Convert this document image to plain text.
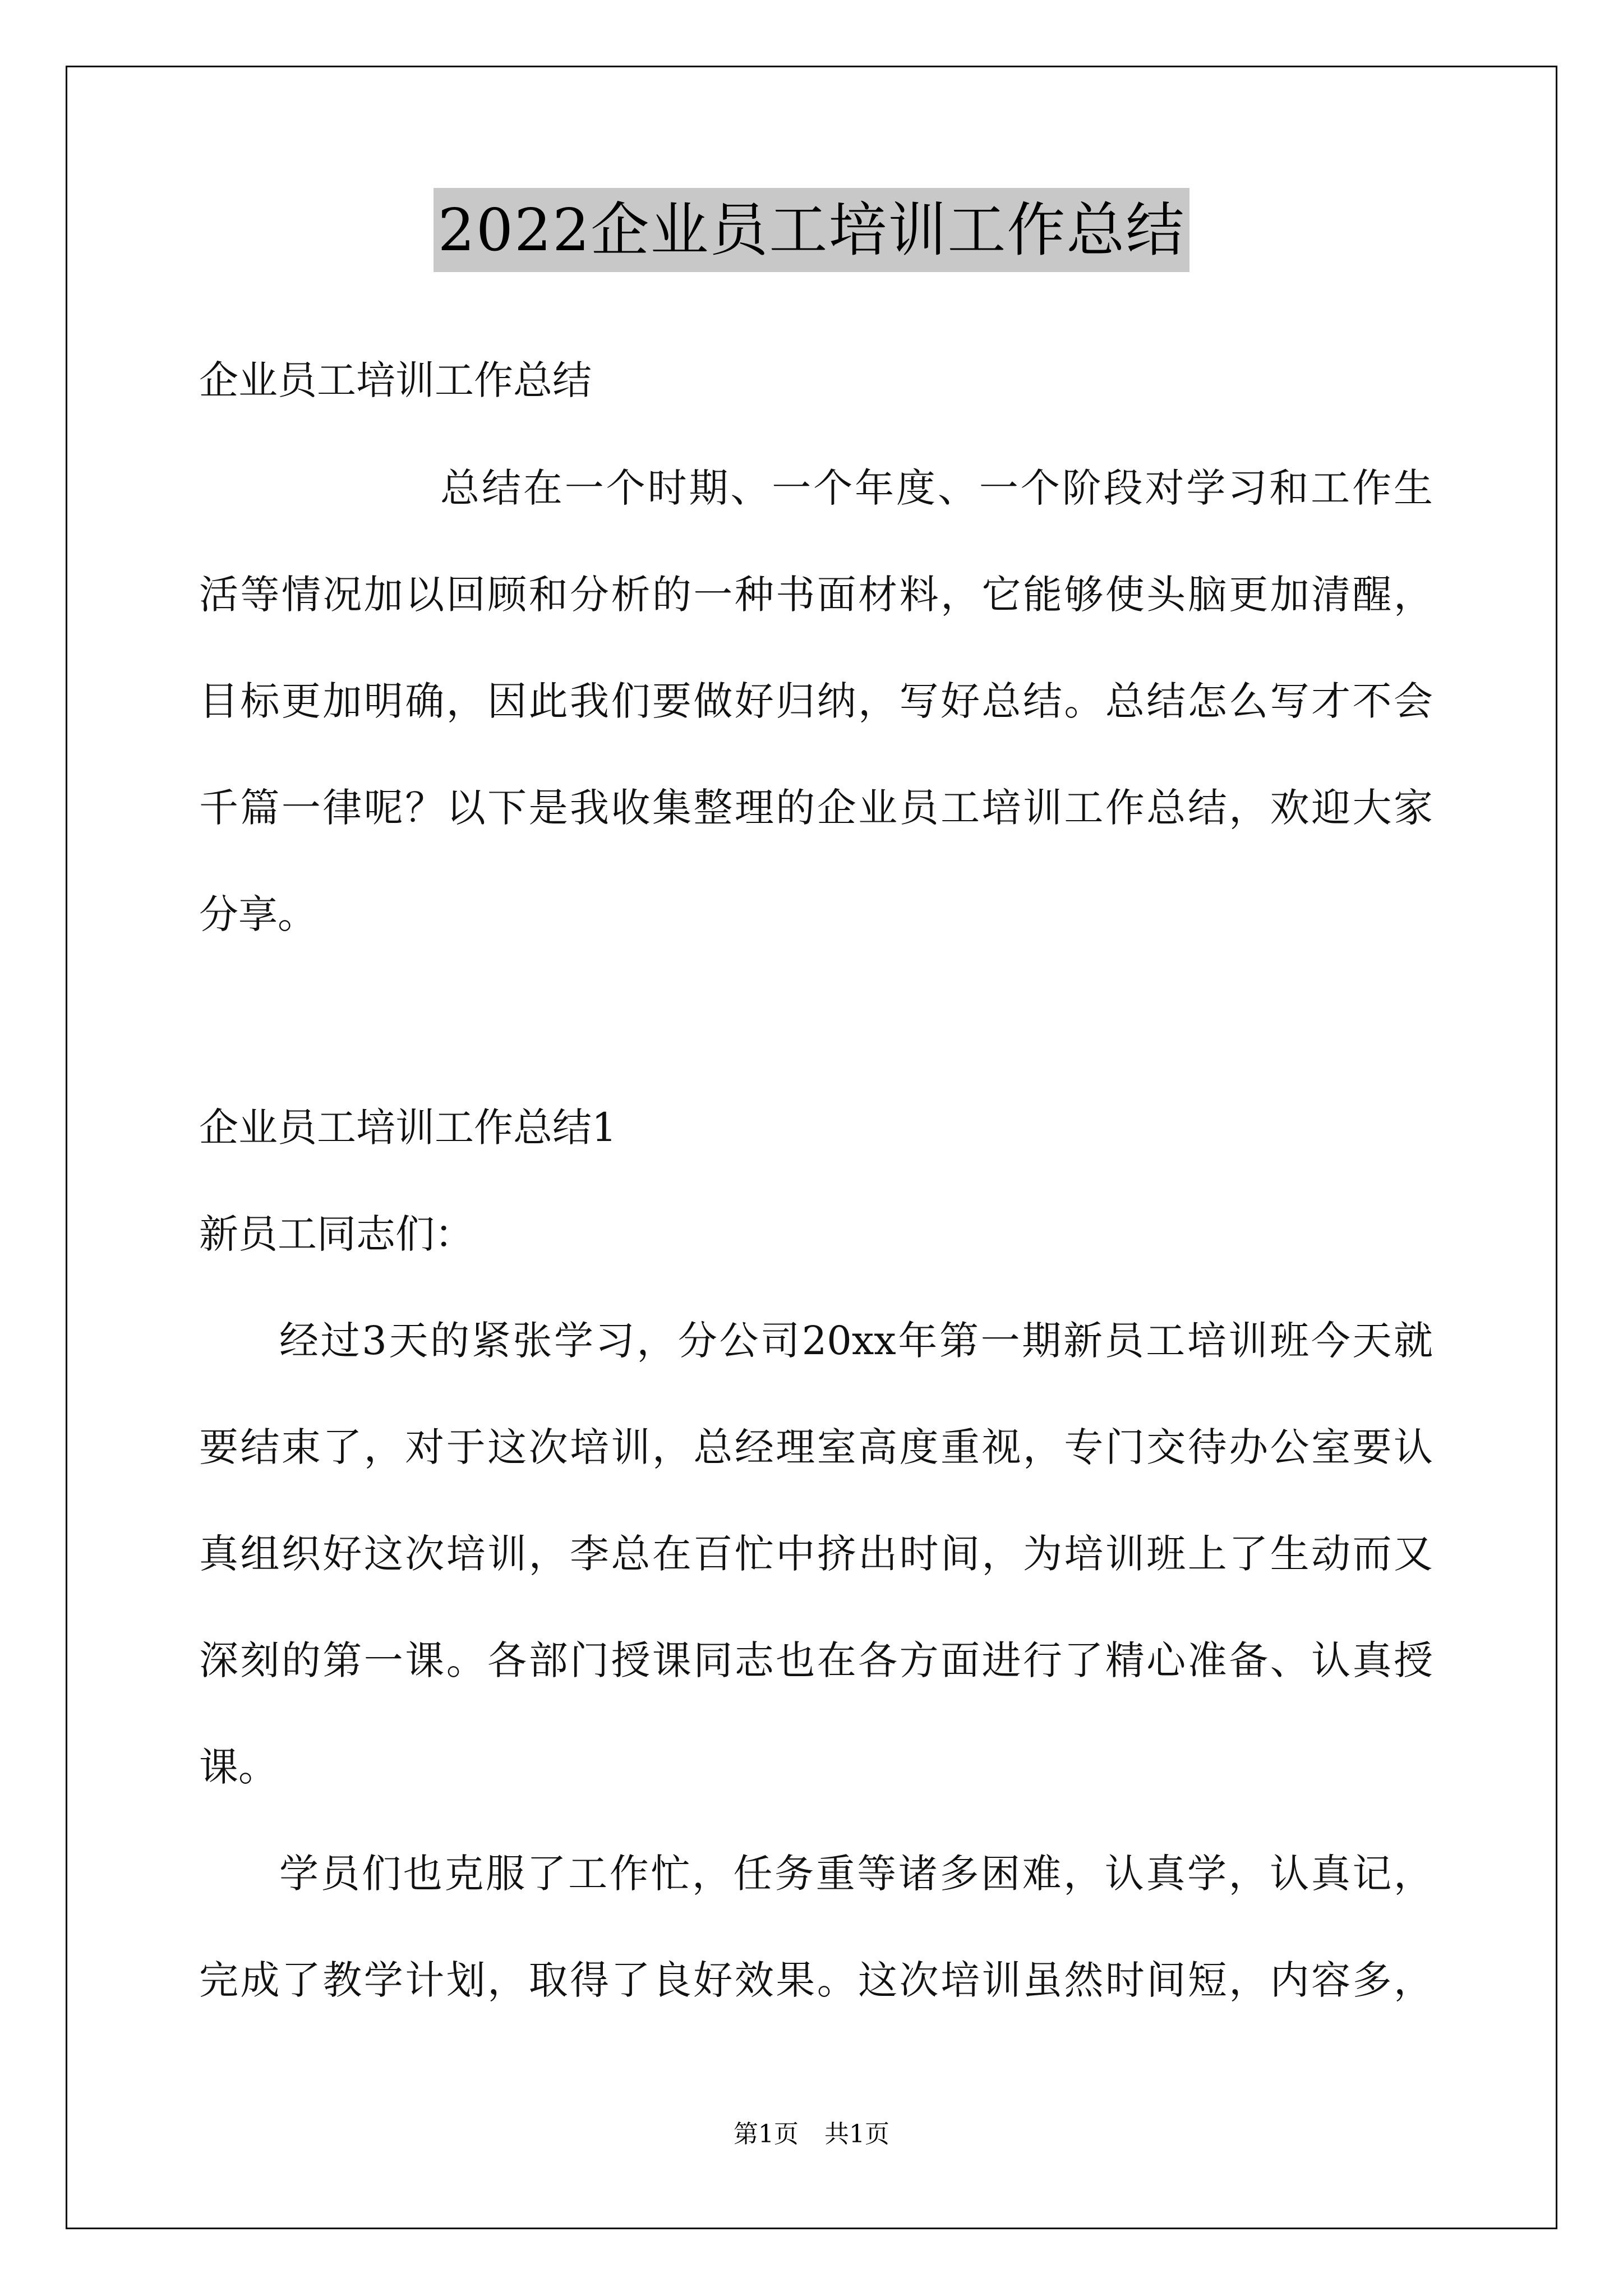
2022企业员工培训工作总结

企业员工培训工作总结

总结在一个时期、一个年度、一个阶段对学习和工作生

活等情况加以回顾和分析的一种书面材料，它能够使头脑更加清醒，

目标更加明确，因此我们要做好归纳，写好总结。总结怎么写才不会

千篇一律呢？以下是我收集整理的企业员工培训工作总结，欢迎大家

分享。

企业员工培训工作总结1

新员工同志们：

经过3天的紧张学习，分公司20xx年第一期新员工培训班今天就

要结束了，对于这次培训，总经理室高度重视，专门交待办公室要认

真组织好这次培训，李总在百忙中挤出时间，为培训班上了生动而又

深刻的第一课。各部门授课同志也在各方面进行了精心准备、认真授

课。

学员们也克服了工作忙，任务重等诸多困难，认真学，认真记，

完成了教学计划，取得了良好效果。这次培训虽然时间短，内容多，

第1页 共1页
